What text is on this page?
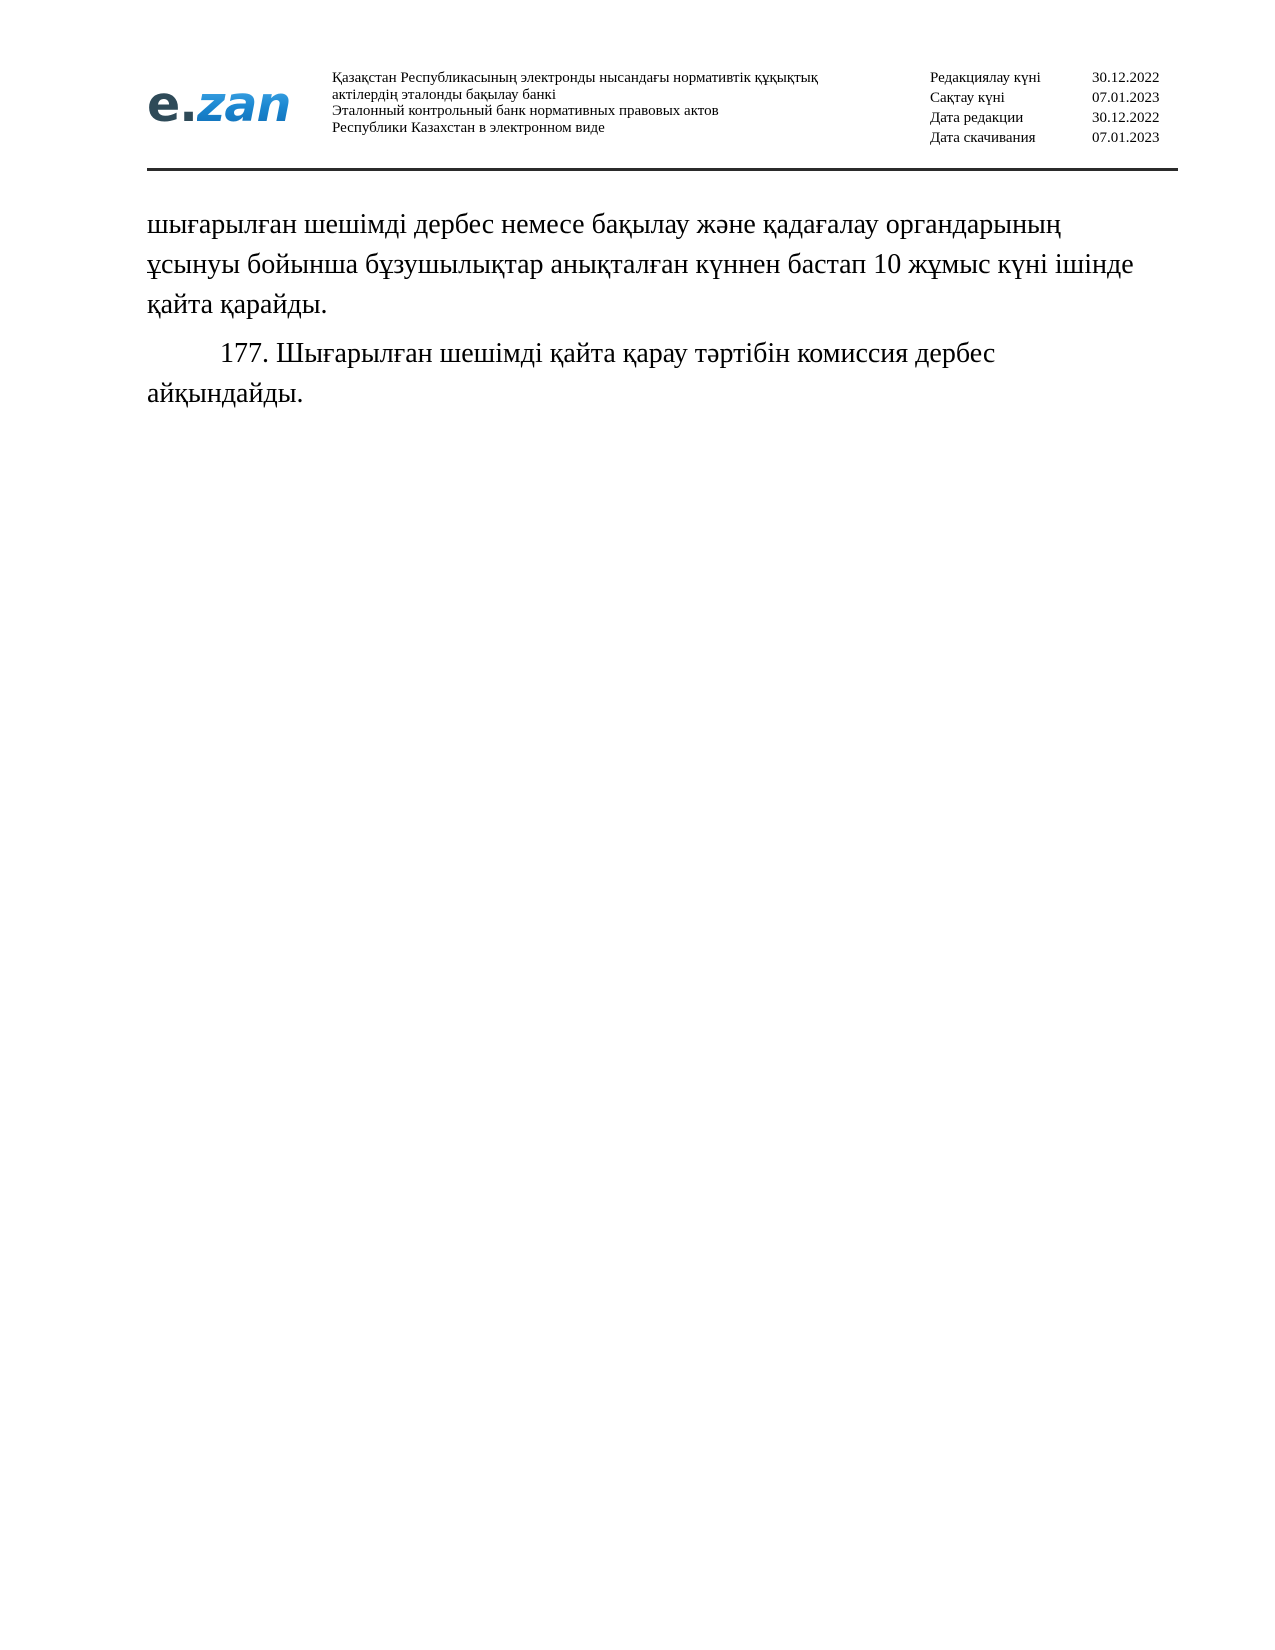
e.zan	Қазақстан Республикасының электронды нысандағы нормативтік құқықтық
актілердің эталонды бақылау банкі
Эталонный контрольный банк нормативных правовых актов
Республики Казахстан в электронном виде
Редакциялау күні	30.12.2022
Сақтау күні	07.01.2023
Дата редакции	30.12.2022
Дата скачивания	07.01.2023

шығарылған шешімді дербес немесе бақылау және қадағалау органдарының
ұсынуы бойынша бұзушылықтар анықталған күннен бастап 10 жұмыс күні ішінде
қайта қарайды.

177. Шығарылған шешімді қайта қарау тәртібін комиссия дербес
айқындайды.
